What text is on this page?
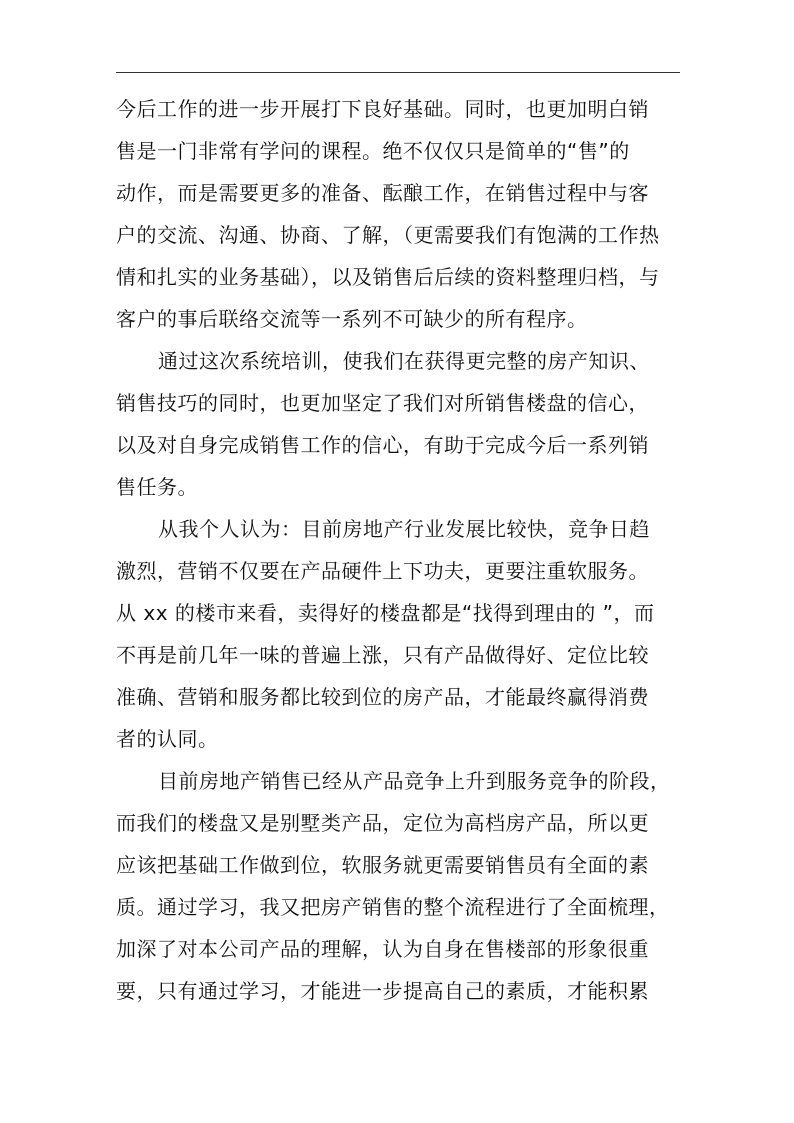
今后工作的进一步开展打下良好基础。同时，也更加明白销
售是一门非常有学问的课程。绝不仅仅只是简单的“售”的
动作，而是需要更多的准备、酝酿工作，在销售过程中与客
户的交流、沟通、协商、了解，（更需要我们有饱满的工作热
情和扎实的业务基础），以及销售后后续的资料整理归档，与
客户的事后联络交流等一系列不可缺少的所有程序。
通过这次系统培训，使我们在获得更完整的房产知识、
销售技巧的同时，也更加坚定了我们对所销售楼盘的信心，
以及对自身完成销售工作的信心，有助于完成今后一系列销
售任务。
从我个人认为：目前房地产行业发展比较快，竞争日趋
激烈，营销不仅要在产品硬件上下功夫，更要注重软服务。
从 xx 的楼市来看，卖得好的楼盘都是“找得到理由的 ”，而
不再是前几年一味的普遍上涨，只有产品做得好、定位比较
准确、营销和服务都比较到位的房产品，才能最终赢得消费
者的认同。
目前房地产销售已经从产品竞争上升到服务竞争的阶段，
而我们的楼盘又是别墅类产品，定位为高档房产品，所以更
应该把基础工作做到位，软服务就更需要销售员有全面的素
质。通过学习，我又把房产销售的整个流程进行了全面梳理，
加深了对本公司产品的理解，认为自身在售楼部的形象很重
要，只有通过学习，才能进一步提高自己的素质，才能积累
